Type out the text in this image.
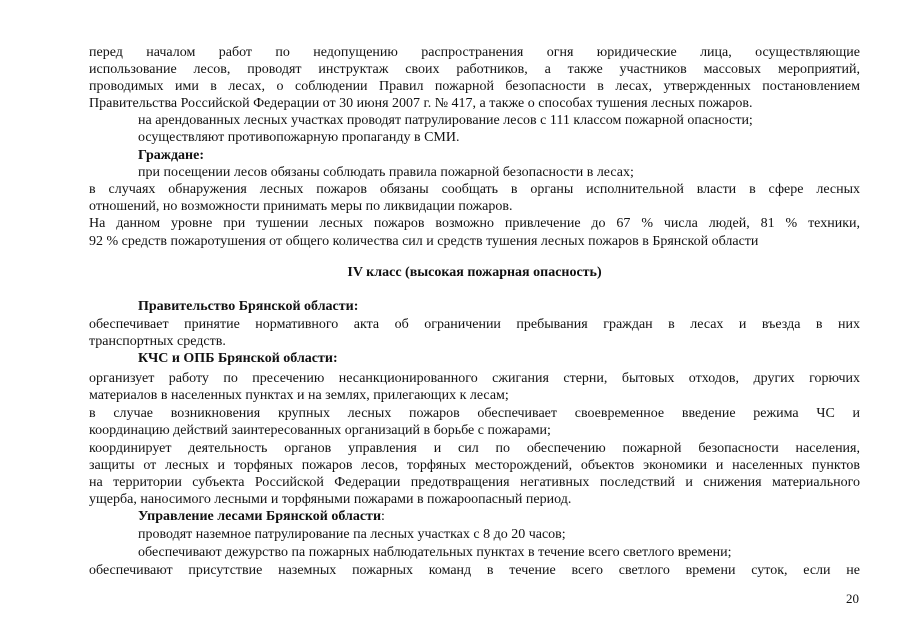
перед началом работ по недопущению распространения огня юридические лица, осуществляющие
использование лесов, проводят инструктаж своих работников, а также участников массовых мероприятий,
проводимых ими в лесах, о соблюдении Правил пожарной безопасности в лесах, утвержденных постановлением
Правительства Российской Федерации от 30 июня 2007 г. № 417, а также о способах тушения лесных пожаров.
на арендованных лесных участках проводят патрулирование лесов с 111 классом пожарной опасности;
осуществляют противопожарную пропаганду в СМИ.
Граждане:
при посещении лесов обязаны соблюдать правила пожарной безопасности в лесах;
в случаях обнаружения лесных пожаров обязаны сообщать в органы исполнительной власти в сфере лесных
отношений, но возможности принимать меры по ликвидации пожаров.
На данном уровне при тушении лесных пожаров возможно привлечение до 67 % числа людей, 81 % техники,
92 % средств пожаротушения от общего количества сил и средств тушения лесных пожаров в Брянской области
IV класс (высокая пожарная опасность)
Правительство Брянской области:
обеспечивает принятие нормативного акта об ограничении пребывания граждан в лесах и въезда в них
транспортных средств.
КЧС и ОПБ Брянской области:
организует работу по пресечению несанкционированного сжигания стерни, бытовых отходов, других горючих
материалов в населенных пунктах и на землях, прилегающих к лесам;
в случае возникновения крупных лесных пожаров обеспечивает своевременное введение режима ЧС и
координацию действий заинтересованных организаций в борьбе с пожарами;
координирует деятельность органов управления и сил по обеспечению пожарной безопасности населения,
защиты от лесных и торфяных пожаров лесов, торфяных месторождений, объектов экономики и населенных пунктов
на территории субъекта Российской Федерации предотвращения негативных последствий и снижения материального
ущерба, наносимого лесными и торфяными пожарами в пожароопасный период.
Управление лесами Брянской области:
проводят наземное патрулирование па лесных участках с 8 до 20 часов;
обеспечивают дежурство па пожарных наблюдательных пунктах в течение всего светлого времени;
обеспечивают присутствие наземных пожарных команд в течение всего светлого времени суток, если не
20
